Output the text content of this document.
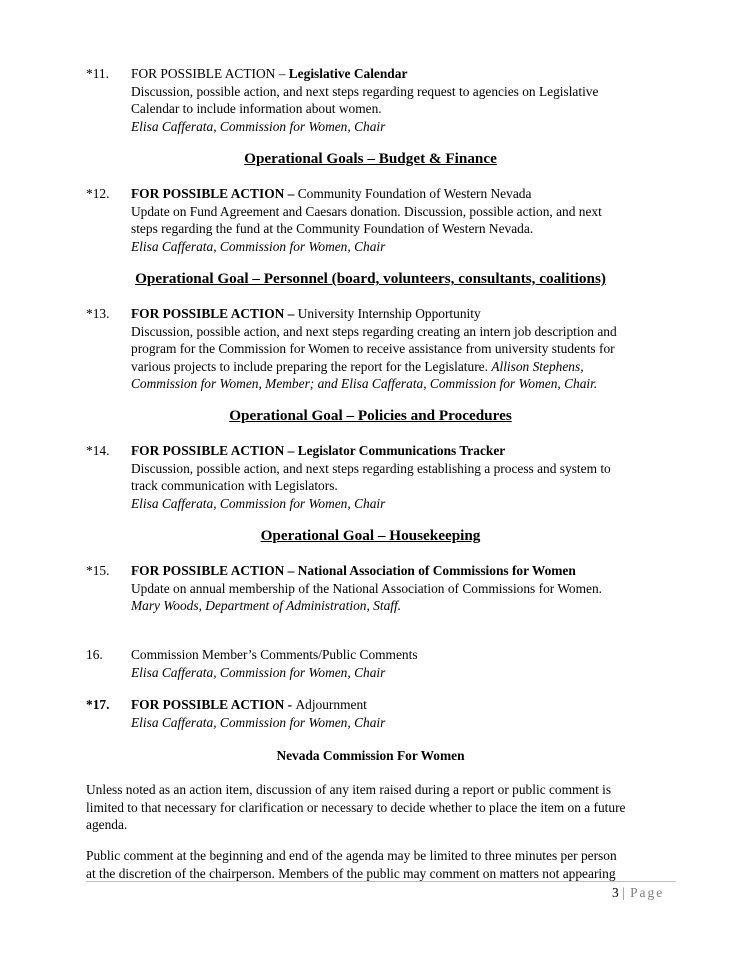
*11. FOR POSSIBLE ACTION – Legislative Calendar
Discussion, possible action, and next steps regarding request to agencies on Legislative
Calendar to include information about women.
Elisa Cafferata, Commission for Women, Chair
Operational Goals – Budget & Finance
*12. FOR POSSIBLE ACTION – Community Foundation of Western Nevada
Update on Fund Agreement and Caesars donation. Discussion, possible action, and next
steps regarding the fund at the Community Foundation of Western Nevada.
Elisa Cafferata, Commission for Women, Chair
Operational Goal – Personnel (board, volunteers, consultants, coalitions)
*13. FOR POSSIBLE ACTION – University Internship Opportunity
Discussion, possible action, and next steps regarding creating an intern job description and
program for the Commission for Women to receive assistance from university students for
various projects to include preparing the report for the Legislature. Allison Stephens,
Commission for Women, Member; and Elisa Cafferata, Commission for Women, Chair.
Operational Goal – Policies and Procedures
*14. FOR POSSIBLE ACTION – Legislator Communications Tracker
Discussion, possible action, and next steps regarding establishing a process and system to
track communication with Legislators.
Elisa Cafferata, Commission for Women, Chair
Operational Goal – Housekeeping
*15. FOR POSSIBLE ACTION – National Association of Commissions for Women
Update on annual membership of the National Association of Commissions for Women.
Mary Woods, Department of Administration, Staff.
16. Commission Member’s Comments/Public Comments
Elisa Cafferata, Commission for Women, Chair
*17. FOR POSSIBLE ACTION - Adjournment
Elisa Cafferata, Commission for Women, Chair
Nevada Commission For Women
Unless noted as an action item, discussion of any item raised during a report or public comment is
limited to that necessary for clarification or necessary to decide whether to place the item on a future
agenda.
Public comment at the beginning and end of the agenda may be limited to three minutes per person
at the discretion of the chairperson. Members of the public may comment on matters not appearing
3 | Page
